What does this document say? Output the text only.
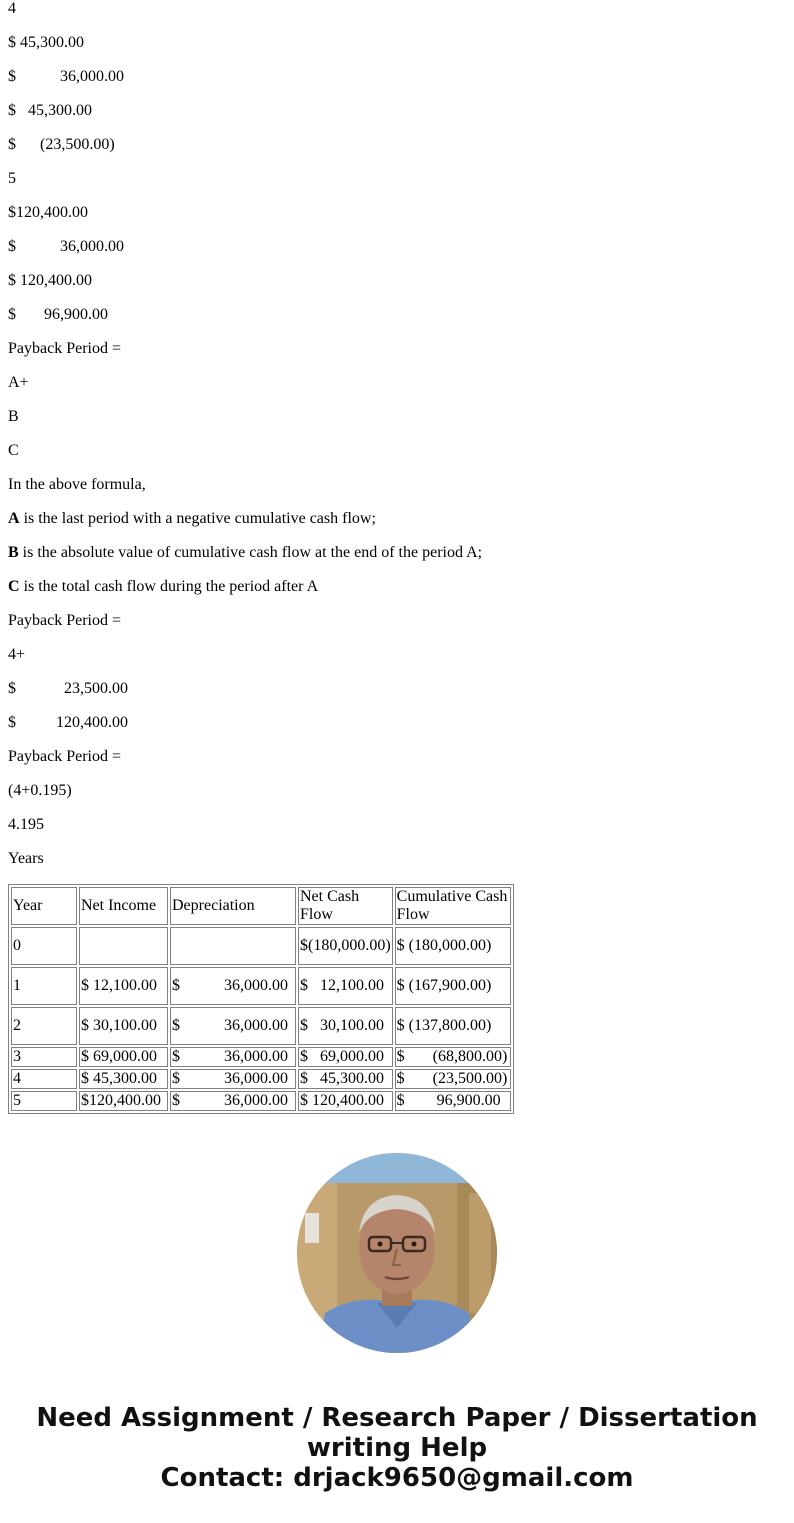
4
$ 45,300.00
$           36,000.00
$   45,300.00
$      (23,500.00)
5
$120,400.00
$           36,000.00
$ 120,400.00
$       96,900.00
Payback Period =
A+
B
C
In the above formula,
A is the last period with a negative cumulative cash flow;
B is the absolute value of cumulative cash flow at the end of the period A;
C is the total cash flow during the period after A
Payback Period =
4+
$            23,500.00
$          120,400.00
Payback Period =
(4+0.195)
4.195
Years
Year	Net Income	Depreciation	Net Cash Flow	Cumulative Cash Flow
0			$(180,000.00)	$ (180,000.00)
1	$ 12,100.00	$           36,000.00	$   12,100.00	$ (167,900.00)
2	$ 30,100.00	$           36,000.00	$   30,100.00	$ (137,800.00)
3	$ 69,000.00	$           36,000.00	$   69,000.00	$       (68,800.00)
4	$ 45,300.00	$           36,000.00	$   45,300.00	$       (23,500.00)
5	$120,400.00	$           36,000.00	$ 120,400.00	$        96,900.00
Need Assignment / Research Paper / Dissertation
writing Help
Contact: drjack9650@gmail.com
